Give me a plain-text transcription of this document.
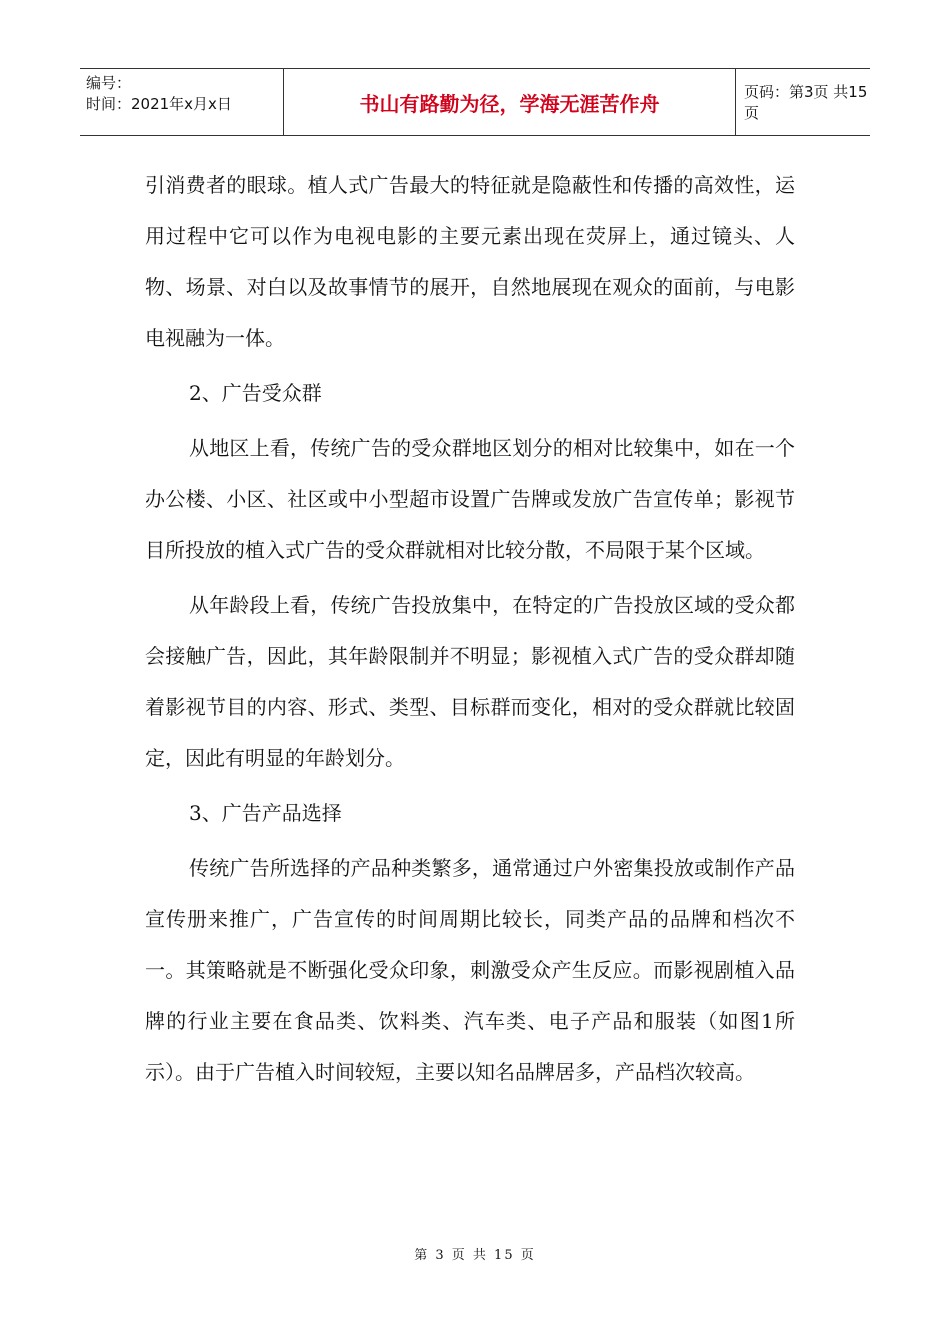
编号：
时间：2021年x月x日	书山有路勤为径，学海无涯苦作舟	页码：第3页 共15页

引消费者的眼球。植人式广告最大的特征就是隐蔽性和传播的高效性，运用过程中它可以作为电视电影的主要元素出现在荧屏上，通过镜头、人物、场景、对白以及故事情节的展开，自然地展现在观众的面前，与电影电视融为一体。

2、广告受众群

从地区上看，传统广告的受众群地区划分的相对比较集中，如在一个办公楼、小区、社区或中小型超市设置广告牌或发放广告宣传单；影视节目所投放的植入式广告的受众群就相对比较分散，不局限于某个区域。

从年龄段上看，传统广告投放集中，在特定的广告投放区域的受众都会接触广告，因此，其年龄限制并不明显；影视植入式广告的受众群却随着影视节目的内容、形式、类型、目标群而变化，相对的受众群就比较固定，因此有明显的年龄划分。

3、广告产品选择

传统广告所选择的产品种类繁多，通常通过户外密集投放或制作产品宣传册来推广，广告宣传的时间周期比较长，同类产品的品牌和档次不一。其策略就是不断强化受众印象，刺激受众产生反应。而影视剧植入品牌的行业主要在食品类、饮料类、汽车类、电子产品和服装（如图1所示）。由于广告植入时间较短，主要以知名品牌居多，产品档次较高。

第 3 页 共 15 页
